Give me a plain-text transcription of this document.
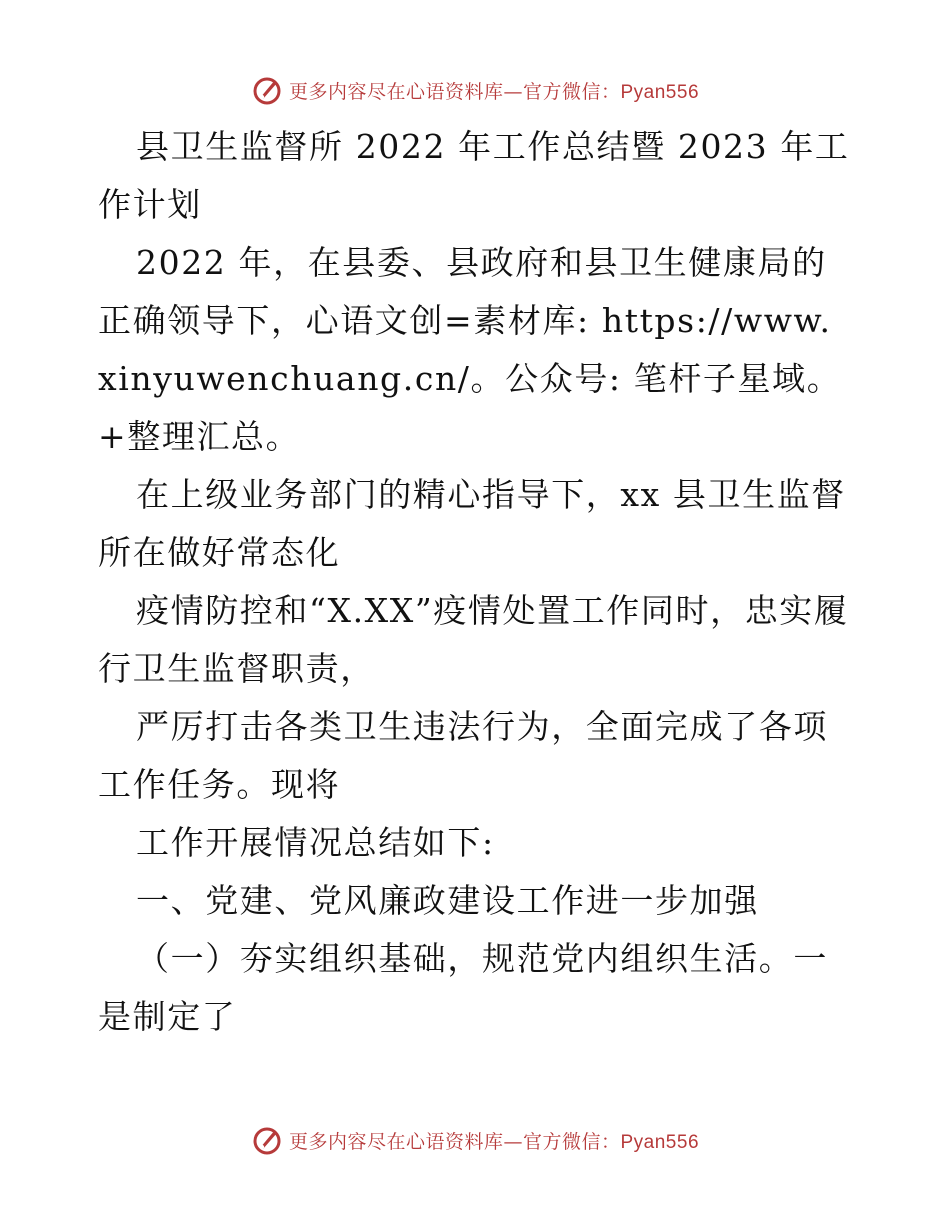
更多内容尽在心语资料库—官方微信：Pyan556

县卫生监督所 2022 年工作总结暨 2023 年工作计划

2022 年，在县委、县政府和县卫生健康局的正确领导下，心语文创=素材库: https://www.xinyuwenchuang.cn/。公众号: 笔杆子星域。+整理汇总。

在上级业务部门的精心指导下，xx 县卫生监督所在做好常态化

疫情防控和“X.XX”疫情处置工作同时，忠实履行卫生监督职责，

严厉打击各类卫生违法行为，全面完成了各项工作任务。现将

工作开展情况总结如下:

一、党建、党风廉政建设工作进一步加强

（一）夯实组织基础，规范党内组织生活。一是制定了

更多内容尽在心语资料库—官方微信：Pyan556
